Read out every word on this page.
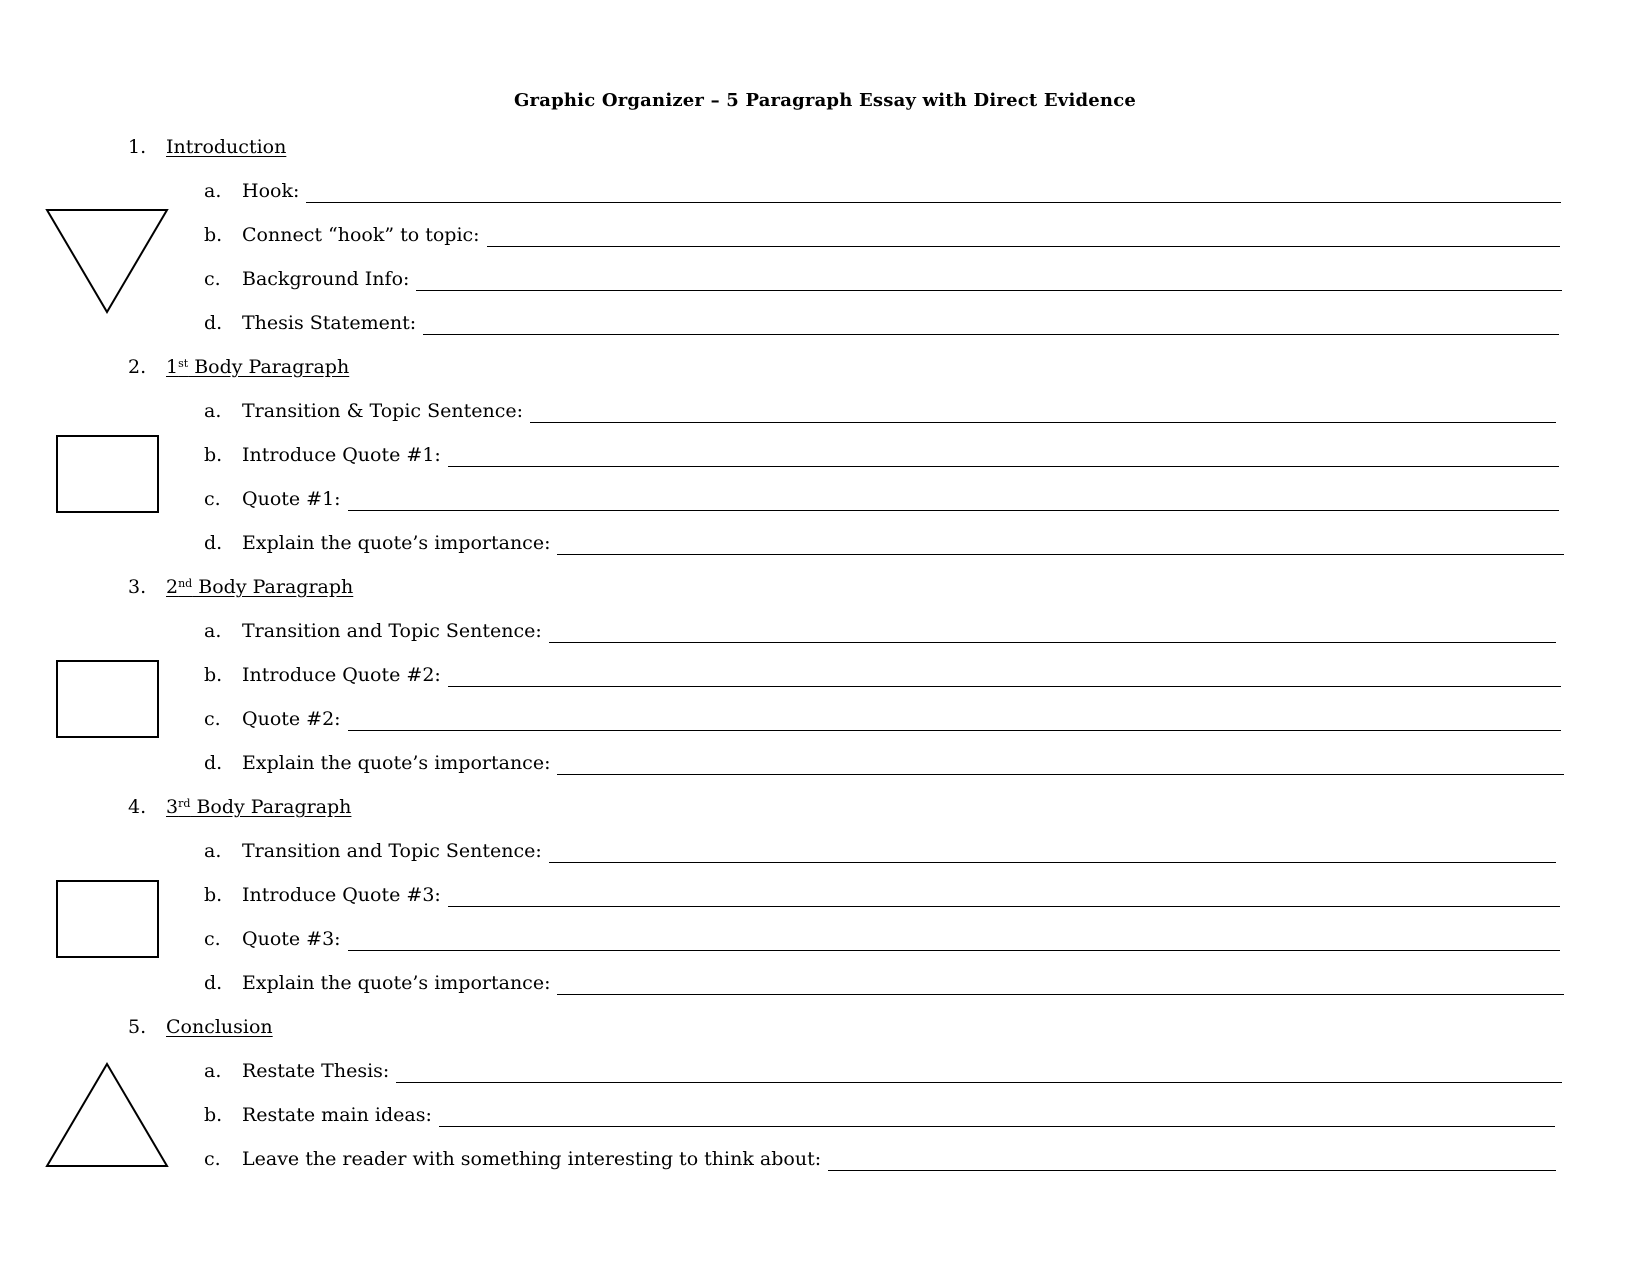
Graphic Organizer – 5 Paragraph Essay with Direct Evidence
1. Introduction
a.	Hook:
b.	Connect “hook” to topic:
c.	Background Info:
d.	Thesis Statement:
2. 1st Body Paragraph
a.	Transition & Topic Sentence:
b.	Introduce Quote #1:
c.	Quote #1:
d.	Explain the quote’s importance:
3. 2nd Body Paragraph
a.	Transition and Topic Sentence:
b.	Introduce Quote #2:
c.	Quote #2:
d.	Explain the quote’s importance:
4. 3rd Body Paragraph
a.	Transition and Topic Sentence:
b.	Introduce Quote #3:
c.	Quote #3:
d.	Explain the quote’s importance:
5. Conclusion
a.	Restate Thesis:
b.	Restate main ideas:
c.	Leave the reader with something interesting to think about:
